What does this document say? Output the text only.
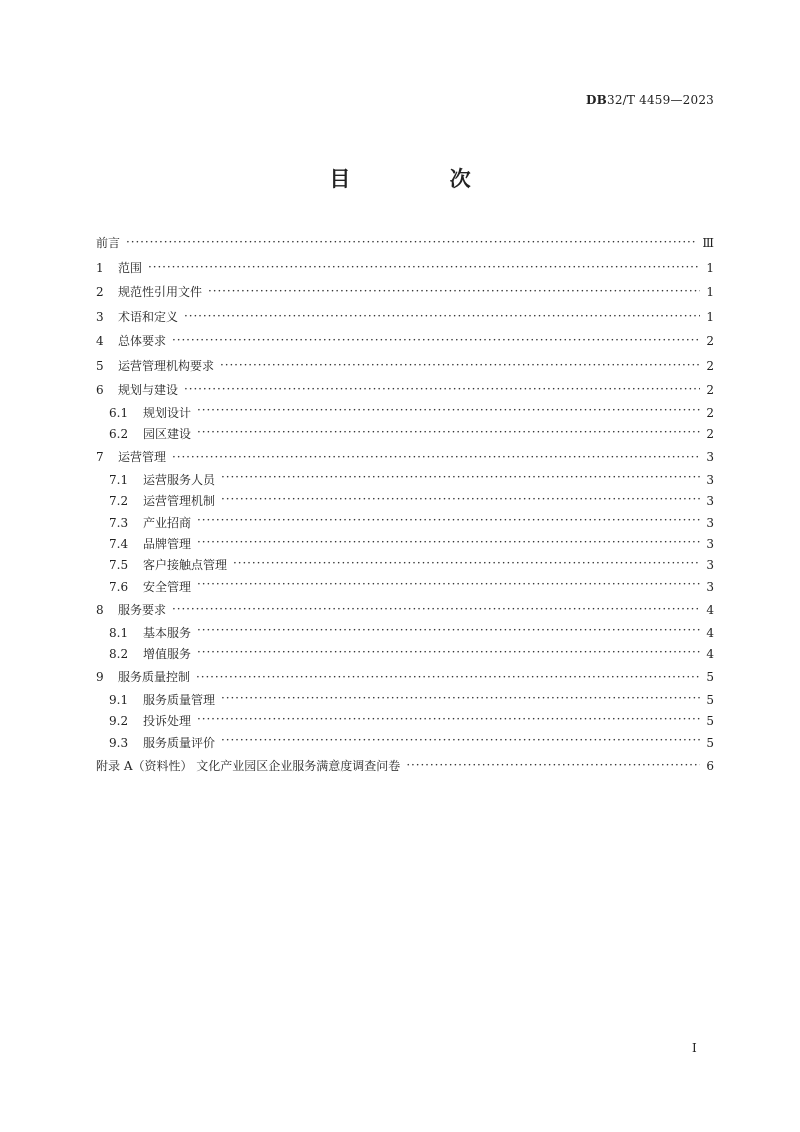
DB32/T 4459—2023
目 次
前言 ·····	Ⅲ
1	范围 ·····	1
2	规范性引用文件 ·····	1
3	术语和定义 ·····	1
4	总体要求 ·····	2
5	运营管理机构要求 ·····	2
6	规划与建设 ·····	2
6.1	规划设计 ·····	2
6.2	园区建设 ·····	2
7	运营管理 ·····	3
7.1	运营服务人员 ·····	3
7.2	运营管理机制 ·····	3
7.3	产业招商 ·····	3
7.4	品牌管理 ·····	3
7.5	客户接触点管理 ·····	3
7.6	安全管理 ·····	3
8	服务要求 ·····	4
8.1	基本服务 ·····	4
8.2	增值服务 ·····	4
9	服务质量控制 ·····	5
9.1	服务质量管理 ·····	5
9.2	投诉处理 ·····	5
9.3	服务质量评价 ·····	5
附录 A（资料性） 文化产业园区企业服务满意度调查问卷 ·····	6
I
